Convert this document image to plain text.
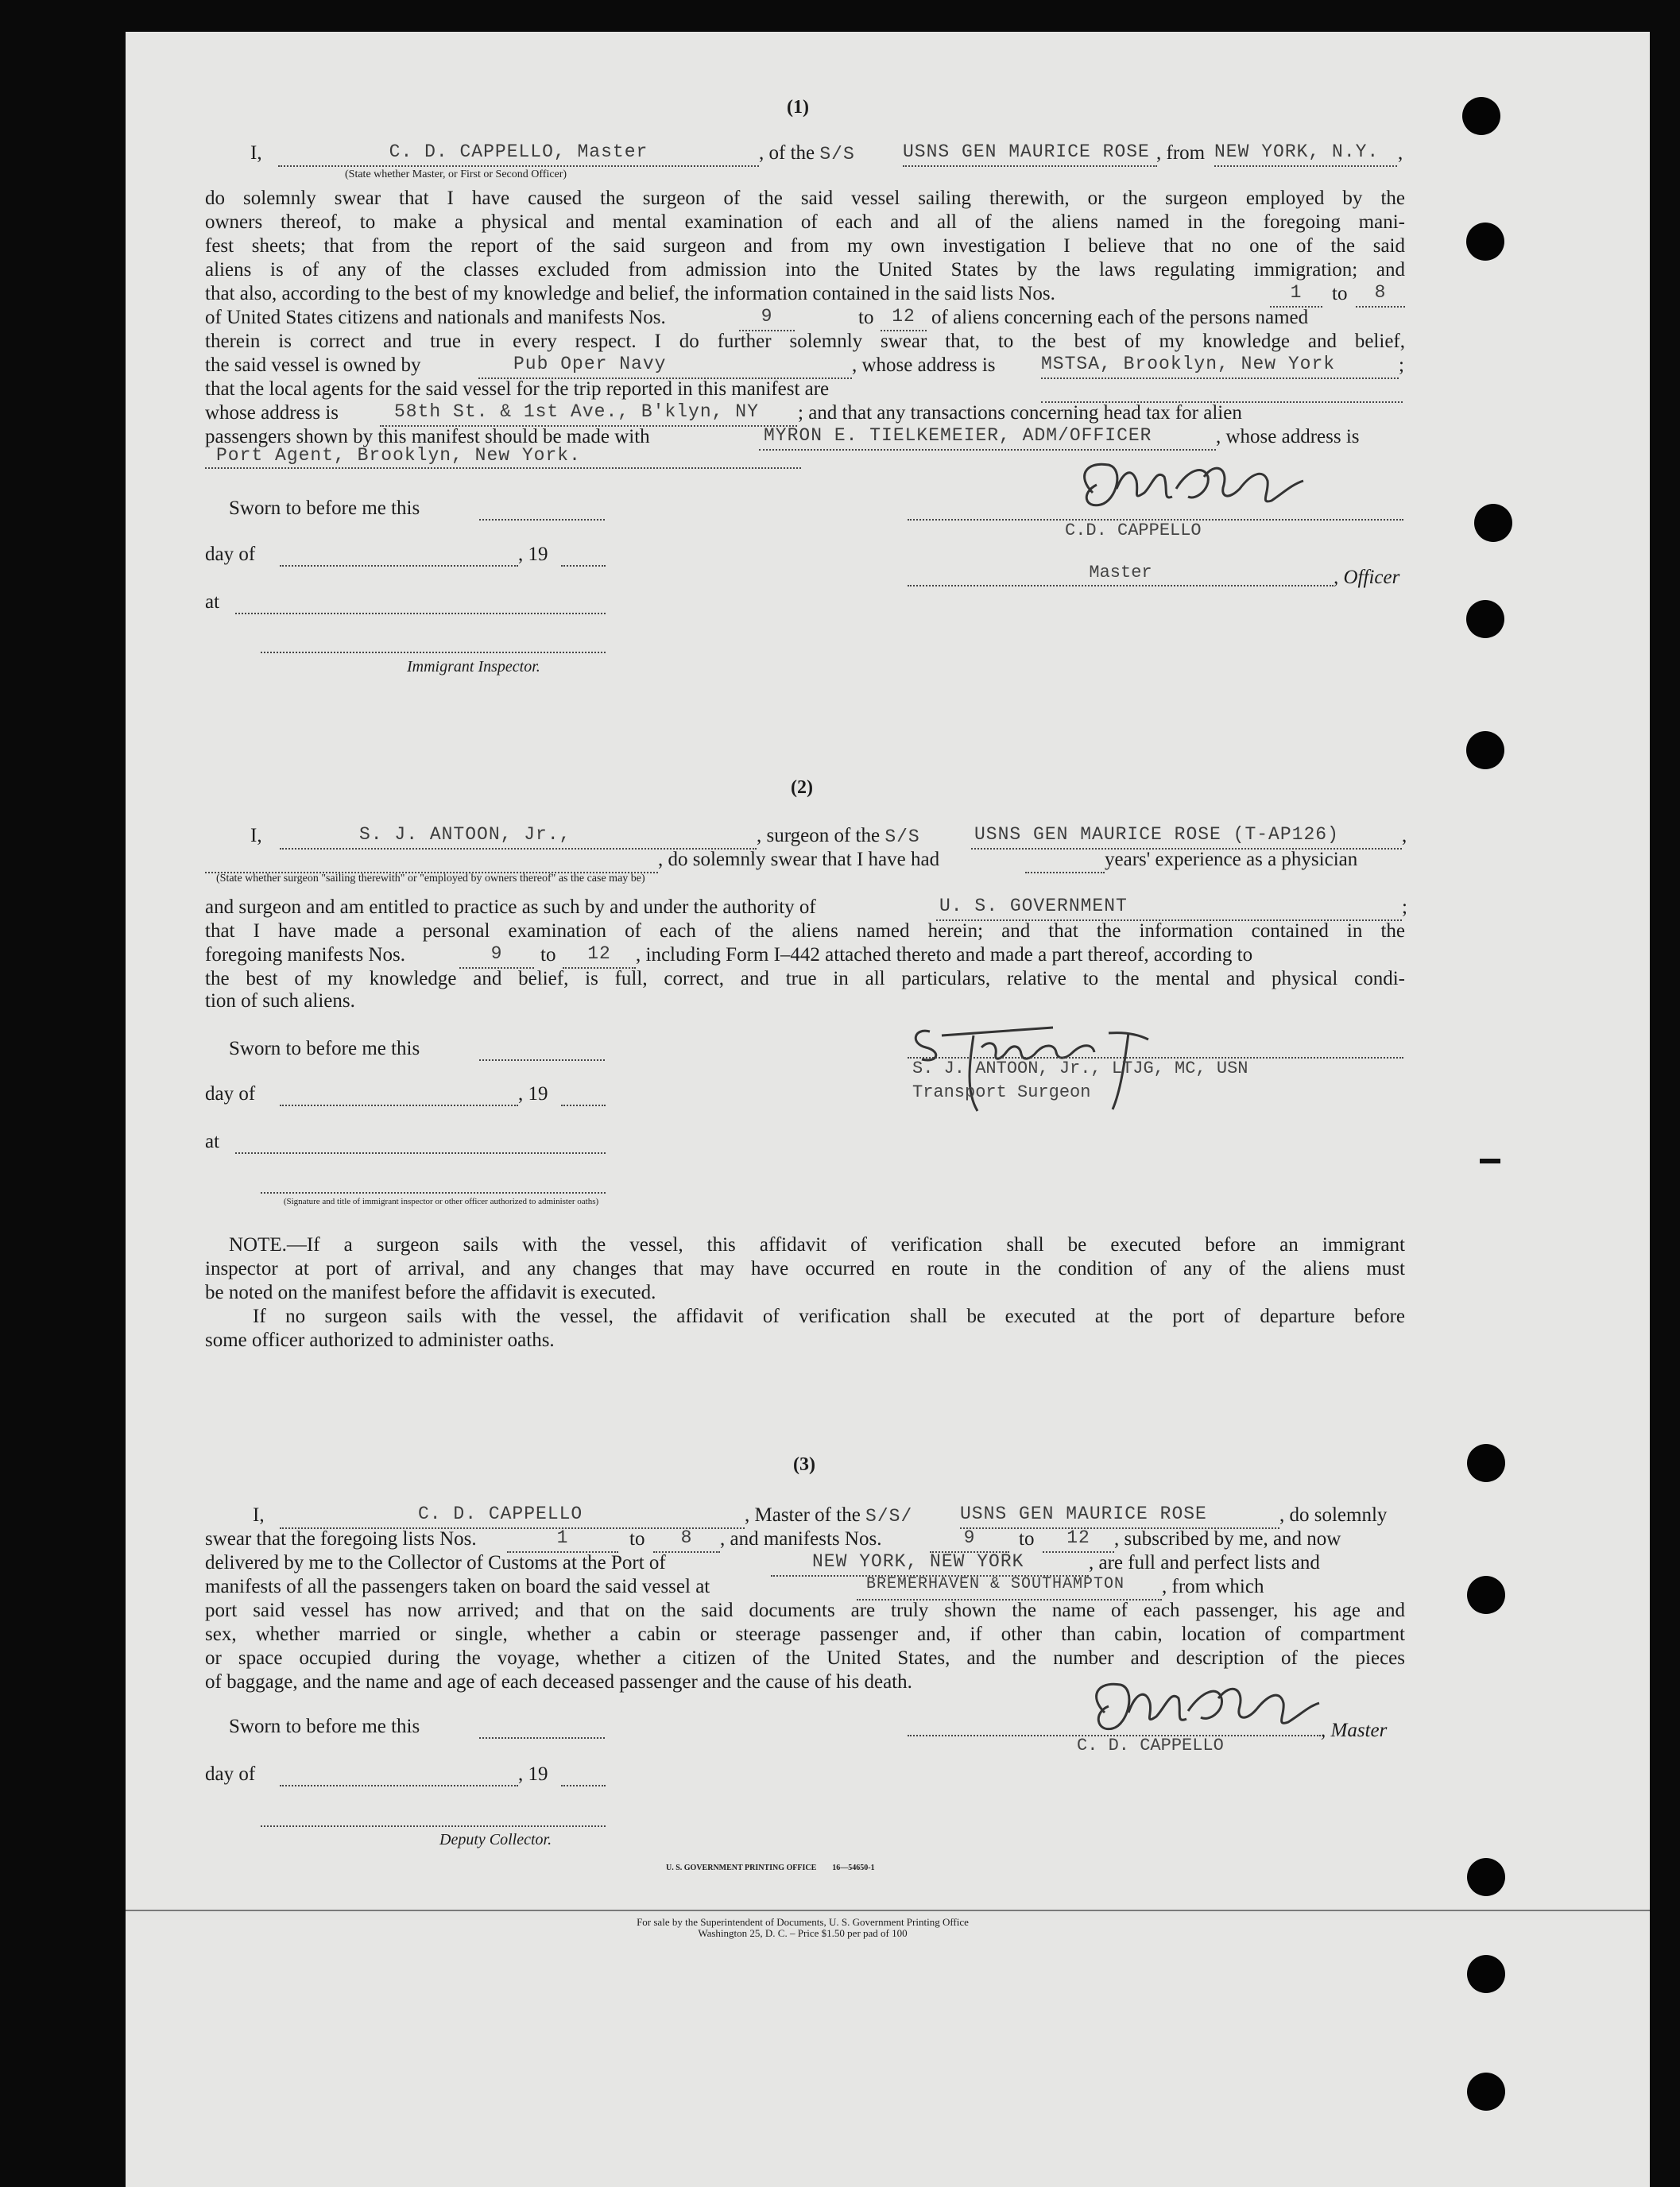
(1)
I,	C. D. CAPPELLO, Master
(State whether Master, or First or Second Officer)
, of the S/S	USNS GEN MAURICE ROSE , from NEW YORK, N.Y. ,
do solemnly swear that I have caused the surgeon of the said vessel sailing therewith, or the surgeon employed by the
owners thereof, to make a physical and mental examination of each and all of the aliens named in the foregoing mani-
fest sheets; that from the report of the said surgeon and from my own investigation I believe that no one of the said
aliens is of any of the classes excluded from admission into the United States by the laws regulating immigration; and
that also, according to the best of my knowledge and belief, the information contained in the said lists Nos.	1	to	8
of United States citizens and nationals and manifests Nos.	9	to 12 of aliens concerning each of the persons named
therein is correct and true in every respect. I do further solemnly swear that, to the best of my knowledge and belief,
the said vessel is owned by	Pub Oper Navy	, whose address is MSTSA, Brooklyn, New York	;
that the local agents for the said vessel for the trip reported in this manifest are
whose address is	58th St. & 1st Ave., B'klyn, NY	; and that any transactions concerning head tax for alien
passengers shown by this manifest should be made with	MYRON E. TIELKEMEIER, ADM/OFFICER	, whose address is
Port Agent, Brooklyn, New York.
Sworn to before me this
day of	, 19
at
Immigrant Inspector.
C.D. CAPPELLO
Master	, Officer
(2)
I,	S. J. ANTOON, Jr.,	, surgeon of the S/S	USNS GEN MAURICE ROSE (T-AP126)	,
, do solemnly swear that I have had	years' experience as a physician
(State whether surgeon "sailing therewith" or "employed by owners thereof" as the case may be)
and surgeon and am entitled to practice as such by and under the authority of	U. S. GOVERNMENT	;
that I have made a personal examination of each of the aliens named herein; and that the information contained in the
foregoing manifests Nos.	9	to	12	, including Form I–442 attached thereto and made a part thereof, according to
the best of my knowledge and belief, is full, correct, and true in all particulars, relative to the mental and physical condi-
tion of such aliens.
Sworn to before me this
day of	, 19
at
(Signature and title of immigrant inspector or other officer authorized to administer oaths)
S. J. ANTOON, Jr., LTJG, MC, USN
Transport Surgeon
NOTE.—If a surgeon sails with the vessel, this affidavit of verification shall be executed before an immigrant
inspector at port of arrival, and any changes that may have occurred en route in the condition of any of the aliens must
be noted on the manifest before the affidavit is executed.
If no surgeon sails with the vessel, the affidavit of verification shall be executed at the port of departure before
some officer authorized to administer oaths.
(3)
I,	C. D. CAPPELLO	, Master of the S/S/	USNS GEN MAURICE ROSE	, do solemnly
swear that the foregoing lists Nos.	1	to	8	, and manifests Nos.	9	to	12	, subscribed by me, and now
delivered by me to the Collector of Customs at the Port of	NEW YORK, NEW YORK	, are full and perfect lists and
manifests of all the passengers taken on board the said vessel at	BREMERHAVEN & SOUTHAMPTON	, from which
port said vessel has now arrived; and that on the said documents are truly shown the name of each passenger, his age and
sex, whether married or single, whether a cabin or steerage passenger and, if other than cabin, location of compartment
or space occupied during the voyage, whether a citizen of the United States, and the number and description of the pieces
of baggage, and the name and age of each deceased passenger and the cause of his death.
Sworn to before me this
day of	, 19
Deputy Collector.
, Master
C. D. CAPPELLO
U. S. GOVERNMENT PRINTING OFFICE        16—54650-1
For sale by the Superintendent of Documents, U. S. Government Printing Office
Washington 25, D. C. – Price $1.50 per pad of 100
